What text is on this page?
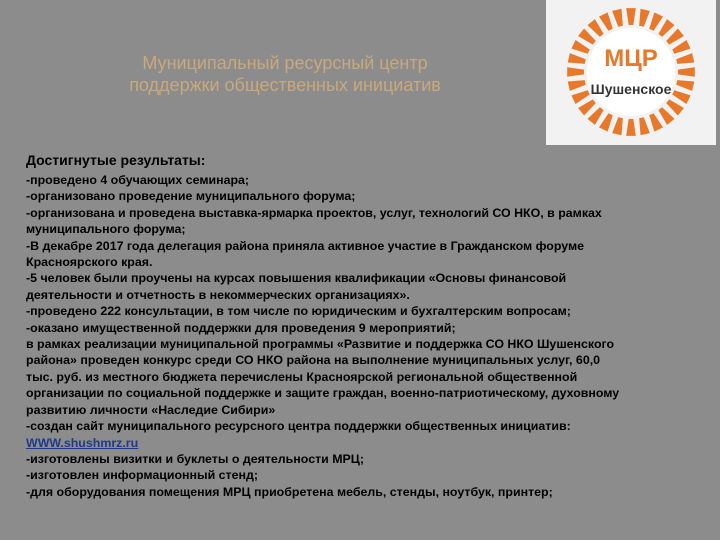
Муниципальный ресурсный центр
поддержки общественных инициатив
МЦР
Шушенское
Достигнутые результаты:
-проведено 4 обучающих семинара;
-организовано проведение муниципального форума;
-организована и проведена выставка-ярмарка проектов, услуг, технологий СО НКО, в рамках
муниципального форума;
-В декабре 2017 года делегация района приняла активное участие в Гражданском форуме
Красноярского края.
-5 человек были проучены на курсах повышения квалификации «Основы финансовой
деятельности и отчетность в некоммерческих организациях».
-проведено 222 консультации, в том числе по юридическим и бухгалтерским вопросам;
-оказано имущественной поддержки для проведения 9 мероприятий;
в рамках реализации муниципальной программы «Развитие и поддержка СО НКО Шушенского
района» проведен конкурс среди СО НКО района на выполнение муниципальных услуг, 60,0
тыс. руб. из местного бюджета перечислены Красноярской региональной общественной
организации по социальной поддержке и защите граждан, военно-патриотическому, духовному
развитию личности «Наследие Сибири»
-создан сайт муниципального ресурсного центра поддержки общественных инициатив:
WWW.shushmrz.ru
-изготовлены визитки и буклеты о деятельности МРЦ;
-изготовлен информационный стенд;
-для оборудования помещения МРЦ приобретена мебель, стенды, ноутбук, принтер;
